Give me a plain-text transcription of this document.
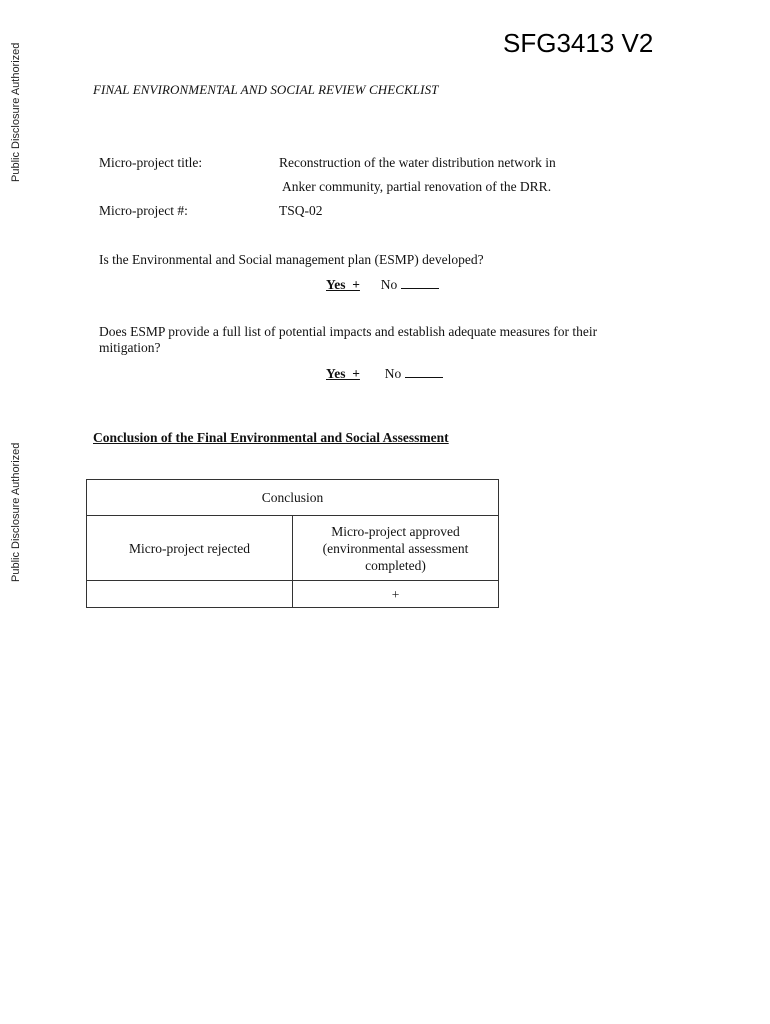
Public Disclosure Authorized
Public Disclosure Authorized
SFG3413 V2
FINAL ENVIRONMENTAL AND SOCIAL REVIEW CHECKLIST
Micro-project title:	Reconstruction of the water distribution network in
Anker community, partial renovation of the DRR.
Micro-project #:	TSQ-02
Is the Environmental and Social management plan (ESMP) developed?
Yes  + No
Does ESMP provide a full list of potential impacts and establish adequate measures for their
mitigation?
Yes  + No
Conclusion of the Final Environmental and Social Assessment
Conclusion	
Micro-project rejected	Micro-project approved
(environmental assessment
completed)

	+
